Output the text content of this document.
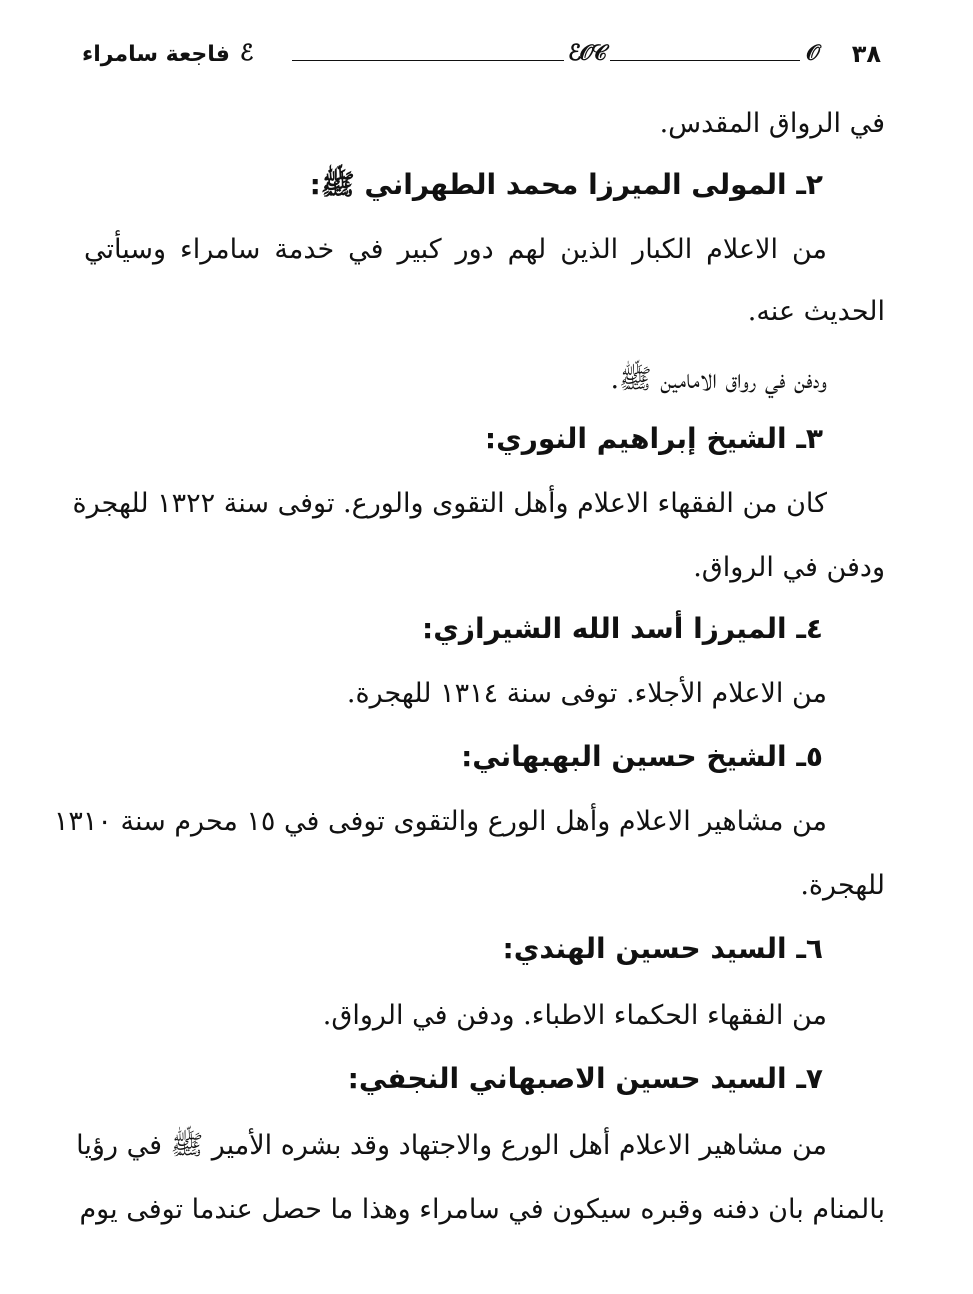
فاجعة سامراء ℰ	ℰ𝒪𝒞	𝒪 ٣٨
في الرواق المقدس.
٢ـ المولى الميرزا محمد الطهراني ﷺ:
من الاعلام الكبار الذين لهم دور كبير في خدمة سامراء وسيأتي
الحديث عنه.
ودفن في رواق الامامين ﷺ.
٣ـ الشيخ إبراهيم النوري:
كان من الفقهاء الاعلام وأهل التقوى والورع. توفى سنة ١٣٢٢ للهجرة
ودفن في الرواق.
٤ـ الميرزا أسد الله الشيرازي:
من الاعلام الأجلاء. توفى سنة ١٣١٤ للهجرة.
٥ـ الشيخ حسين البهبهاني:
من مشاهير الاعلام وأهل الورع والتقوى توفى في ١٥ محرم سنة ١٣١٠
للهجرة.
٦ـ السيد حسين الهندي:
من الفقهاء الحكماء الاطباء. ودفن في الرواق.
٧ـ السيد حسين الاصبهاني النجفي:
من مشاهير الاعلام أهل الورع والاجتهاد وقد بشره الأمير ﷺ في رؤيا
بالمنام بان دفنه وقبره سيكون في سامراء وهذا ما حصل عندما توفى يوم
